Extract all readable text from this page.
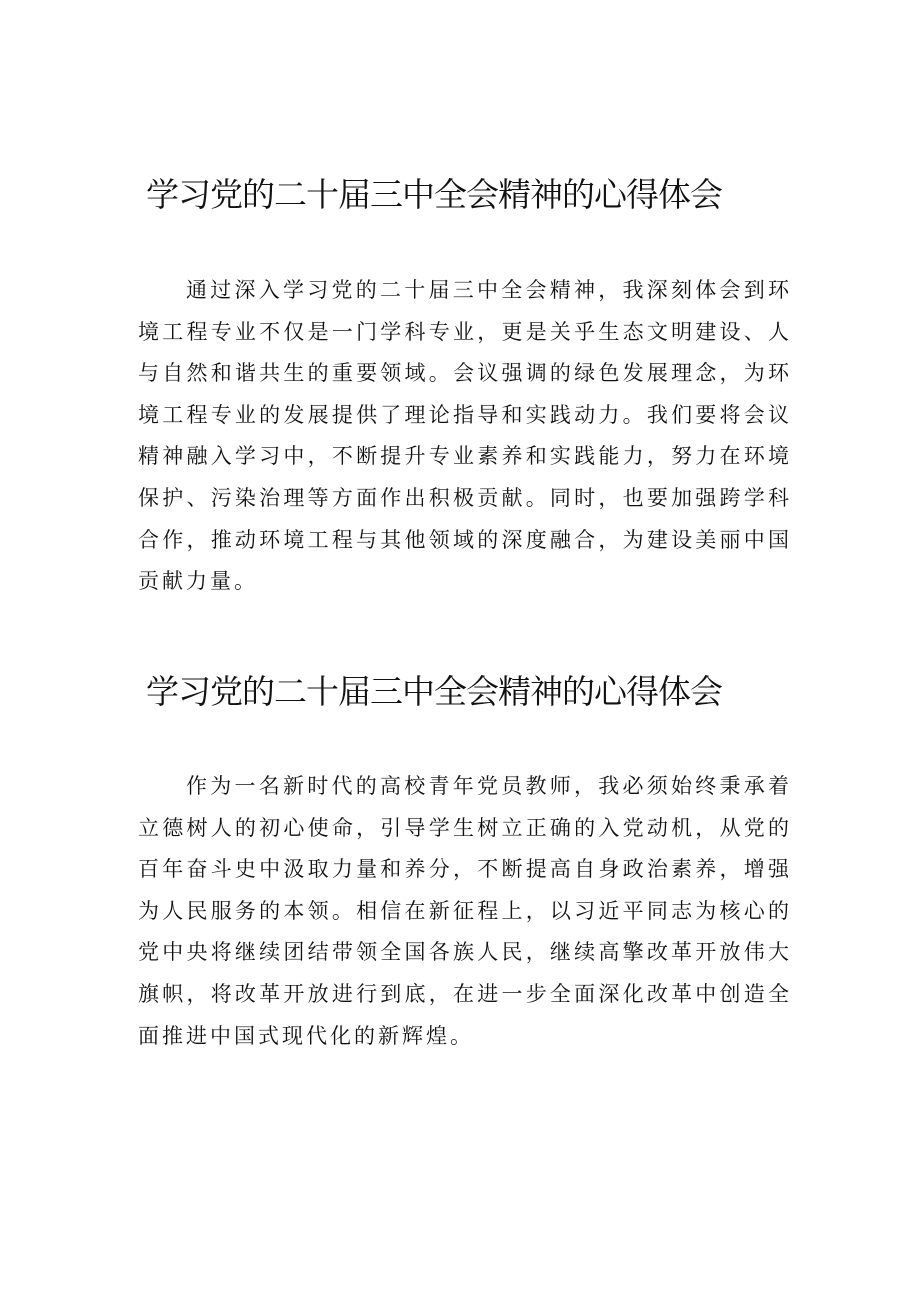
学习党的二十届三中全会精神的心得体会

通过深入学习党的二十届三中全会精神，我深刻体会到环境工程专业不仅是一门学科专业，更是关乎生态文明建设、人与自然和谐共生的重要领域。会议强调的绿色发展理念，为环境工程专业的发展提供了理论指导和实践动力。我们要将会议精神融入学习中，不断提升专业素养和实践能力，努力在环境保护、污染治理等方面作出积极贡献。同时，也要加强跨学科合作，推动环境工程与其他领域的深度融合，为建设美丽中国贡献力量。

学习党的二十届三中全会精神的心得体会

作为一名新时代的高校青年党员教师，我必须始终秉承着立德树人的初心使命，引导学生树立正确的入党动机，从党的百年奋斗史中汲取力量和养分，不断提高自身政治素养，增强为人民服务的本领。相信在新征程上，以习近平同志为核心的党中央将继续团结带领全国各族人民，继续高擎改革开放伟大旗帜，将改革开放进行到底，在进一步全面深化改革中创造全面推进中国式现代化的新辉煌。
